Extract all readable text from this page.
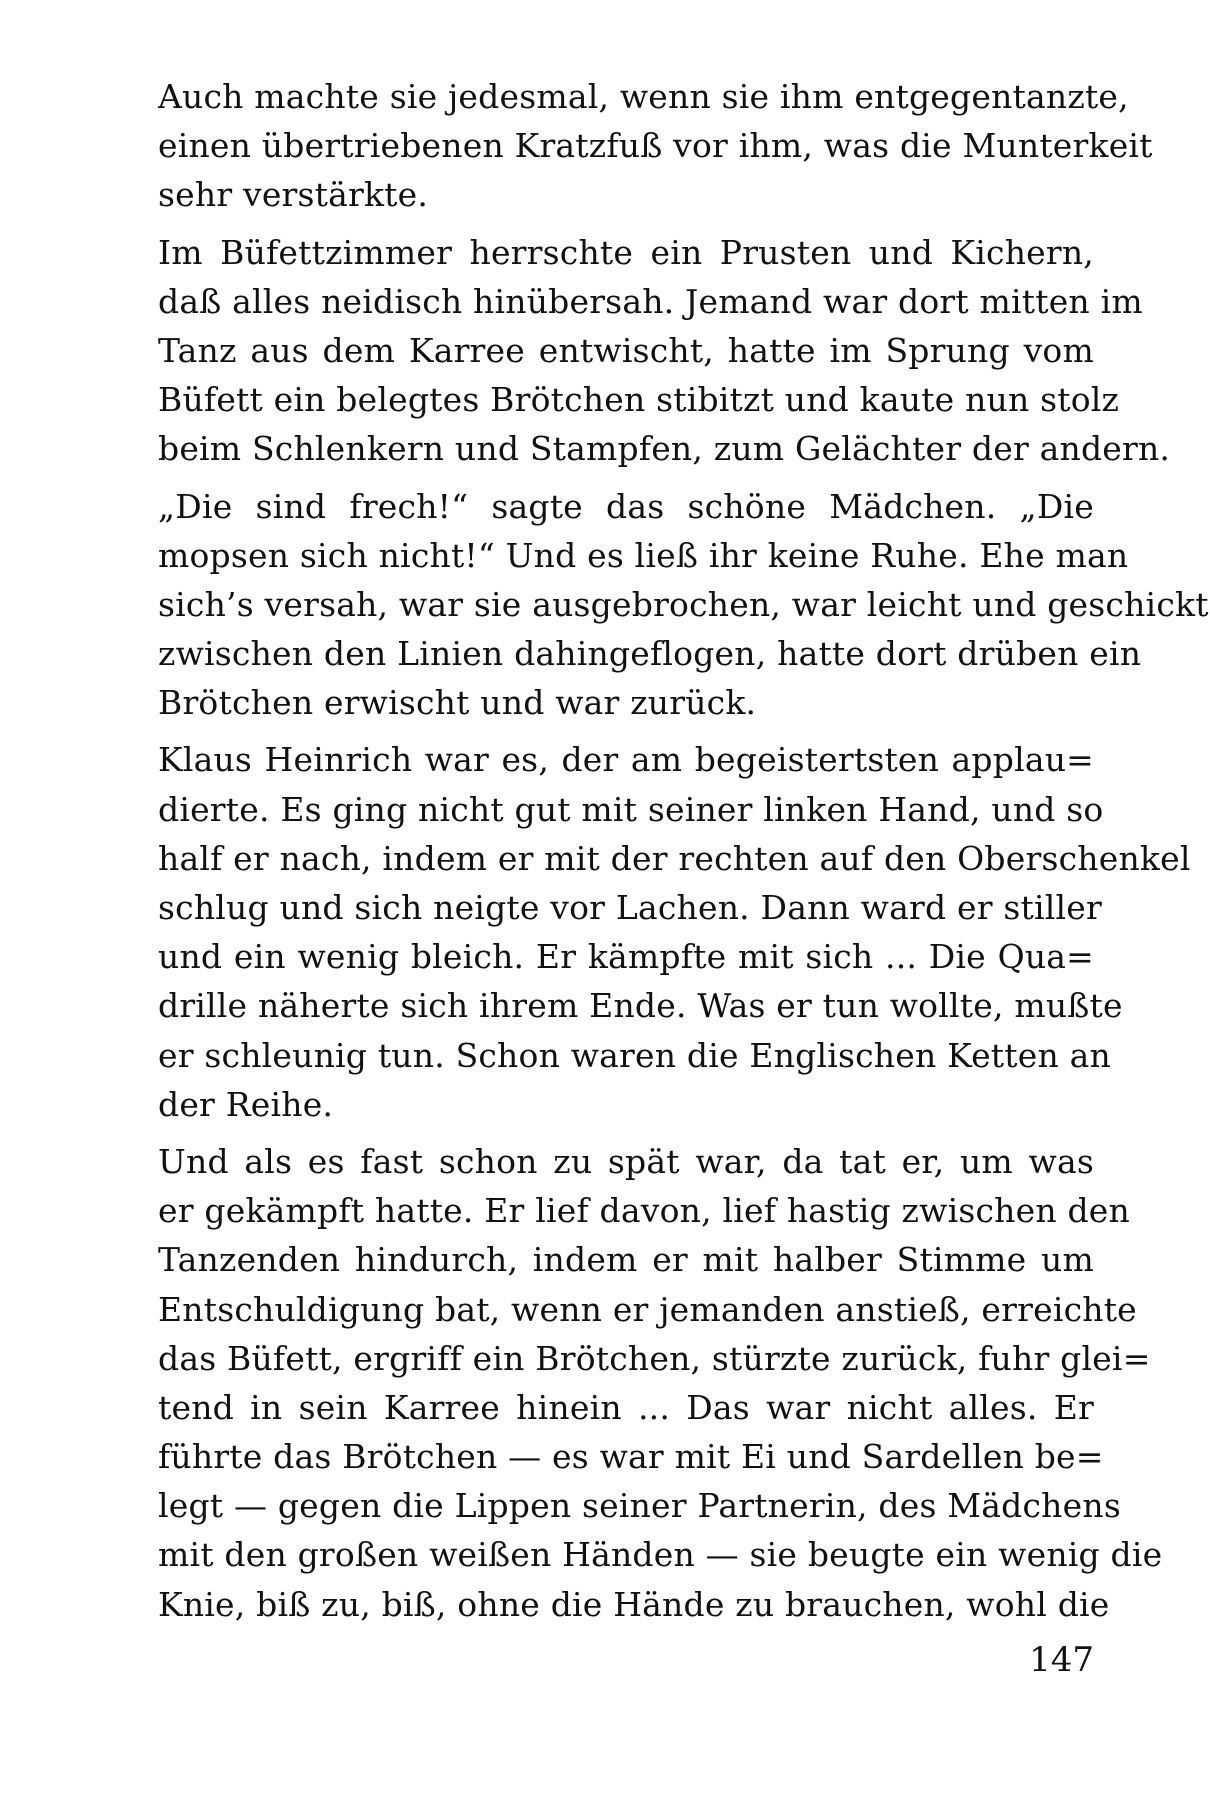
Auch machte sie jedesmal, wenn sie ihm entgegentanzte,
einen übertriebenen Kratzfuß vor ihm, was die Munterkeit
sehr verstärkte.
Im Büfettzimmer herrschte ein Prusten und Kichern,
daß alles neidisch hinübersah. Jemand war dort mitten im
Tanz aus dem Karree entwischt, hatte im Sprung vom
Büfett ein belegtes Brötchen stibitzt und kaute nun stolz
beim Schlenkern und Stampfen, zum Gelächter der andern.
„Die sind frech!“ sagte das schöne Mädchen. „Die
mopsen sich nicht!“ Und es ließ ihr keine Ruhe. Ehe man
sich’s versah, war sie ausgebrochen, war leicht und geschickt
zwischen den Linien dahingeflogen, hatte dort drüben ein
Brötchen erwischt und war zurück.
Klaus Heinrich war es, der am begeistertsten applau=
dierte. Es ging nicht gut mit seiner linken Hand, und so
half er nach, indem er mit der rechten auf den Oberschenkel
schlug und sich neigte vor Lachen. Dann ward er stiller
und ein wenig bleich. Er kämpfte mit sich ... Die Qua=
drille näherte sich ihrem Ende. Was er tun wollte, mußte
er schleunig tun. Schon waren die Englischen Ketten an
der Reihe.
Und als es fast schon zu spät war, da tat er, um was
er gekämpft hatte. Er lief davon, lief hastig zwischen den
Tanzenden hindurch, indem er mit halber Stimme um
Entschuldigung bat, wenn er jemanden anstieß, erreichte
das Büfett, ergriff ein Brötchen, stürzte zurück, fuhr glei=
tend in sein Karree hinein ... Das war nicht alles. Er
führte das Brötchen — es war mit Ei und Sardellen be=
legt — gegen die Lippen seiner Partnerin, des Mädchens
mit den großen weißen Händen — sie beugte ein wenig die
Knie, biß zu, biß, ohne die Hände zu brauchen, wohl die
147
